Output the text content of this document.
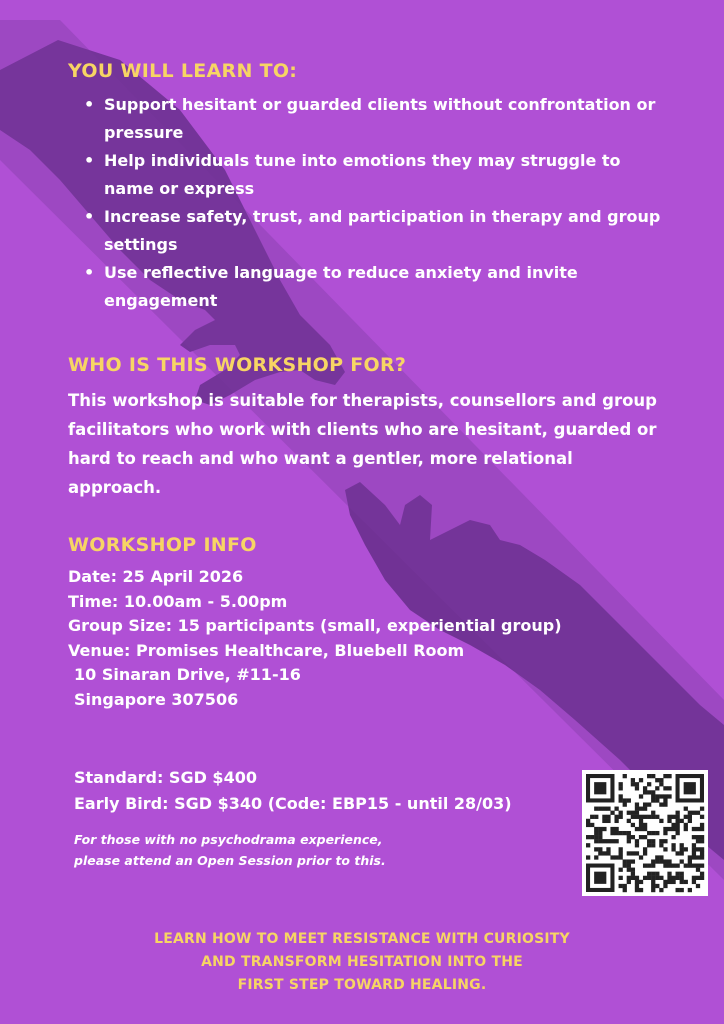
YOU WILL LEARN TO:
• Support hesitant or guarded clients without confrontation or pressure
• Help individuals tune into emotions they may struggle to name or express
• Increase safety, trust, and participation in therapy and group settings
• Use reflective language to reduce anxiety and invite engagement
WHO IS THIS WORKSHOP FOR?

This workshop is suitable for therapists, counsellors and group facilitators who work with clients who are hesitant, guarded or hard to reach and who want a gentler, more relational approach.

WORKSHOP INFO
Date: 25 April 2026
Time: 10.00am - 5.00pm
Group Size: 15 participants (small, experiential group)
Venue: Promises Healthcare, Bluebell Room
10 Sinaran Drive, #11-16
Singapore 307506
Standard: SGD $400
Early Bird: SGD $340 (Code: EBP15 - until 28/03)
For those with no psychodrama experience,
please attend an Open Session prior to this.
LEARN HOW TO MEET RESISTANCE WITH CURIOSITY
AND TRANSFORM HESITATION INTO THE
FIRST STEP TOWARD HEALING.
